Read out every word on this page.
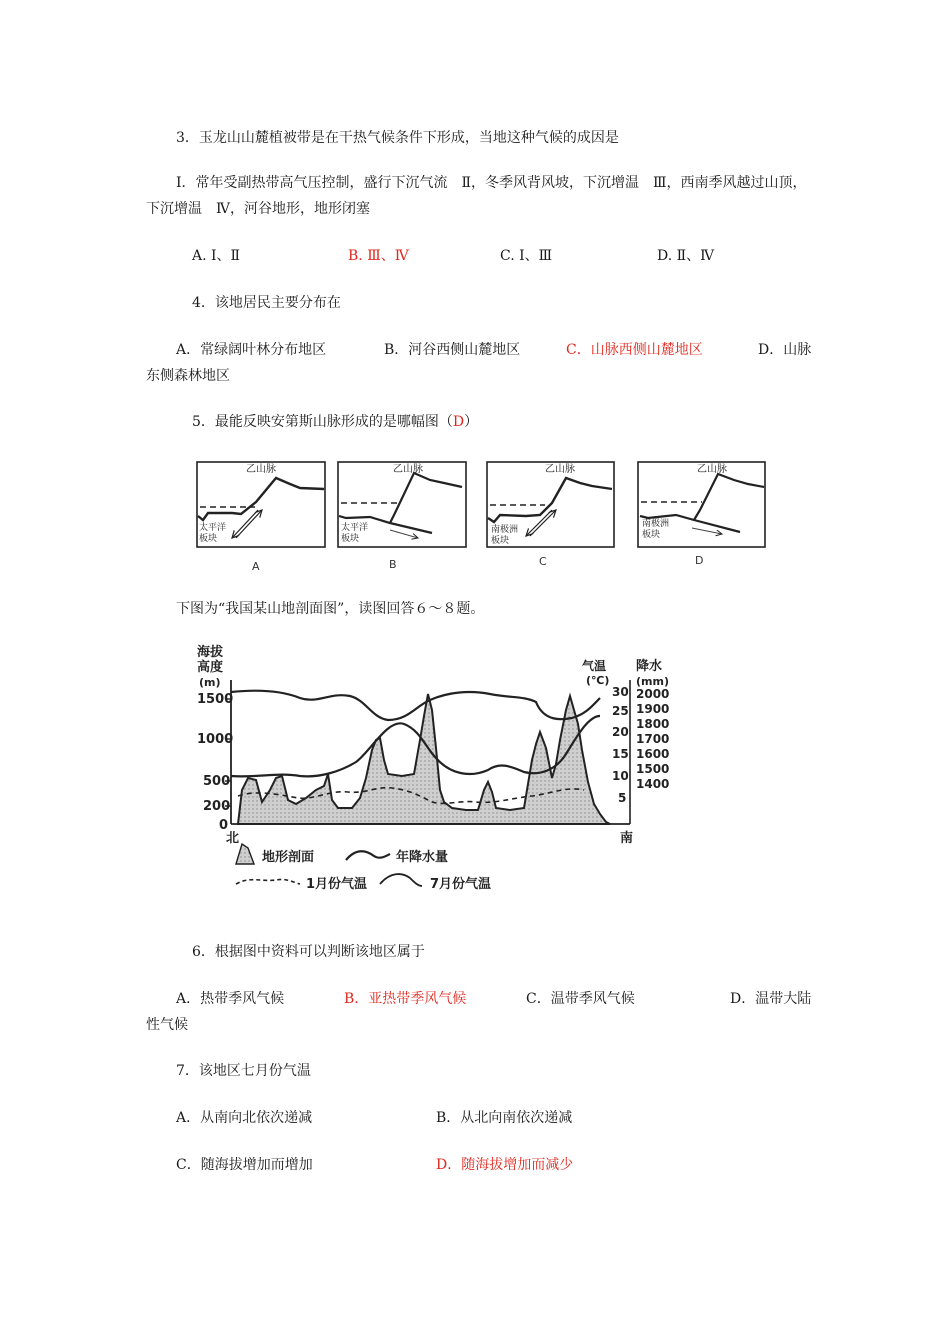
3．玉龙山山麓植被带是在干热气候条件下形成，当地这种气候的成因是
Ⅰ．常年受副热带高气压控制，盛行下沉气流　Ⅱ，冬季风背风坡，下沉增温　Ⅲ，西南季风越过山顶，
下沉增温　Ⅳ，河谷地形，地形闭塞
A. Ⅰ、Ⅱ	B. Ⅲ、Ⅳ	C. Ⅰ、Ⅲ	D. Ⅱ、Ⅳ
4．该地居民主要分布在
A．常绿阔叶林分布地区	B．河谷西侧山麓地区	C．山脉西侧山麓地区	D．山脉
东侧森林地区
5．最能反映安第斯山脉形成的是哪幅图（D）
乙山脉
太平洋
板块
A
乙山脉
太平洋
板块
B
乙山脉
南极洲
板块
C
乙山脉
南极洲
板块
D
下图为“我国某山地剖面图”，读图回答６～８题。
海拔
高度
(m)
1500
1000
500
200
0
北	南
气温
(℃)
降水
(mm)
30
25
20
15
10
5
2000
1900
1800
1700
1600
1500
1400
地形剖面	年降水量
1月份气温	7月份气温
6．根据图中资料可以判断该地区属于
A．热带季风气候	B．亚热带季风气候	C．温带季风气候	D．温带大陆
性气候
7．该地区七月份气温
A．从南向北依次递减	B．从北向南依次递减
C．随海拔增加而增加	D．随海拔增加而减少
